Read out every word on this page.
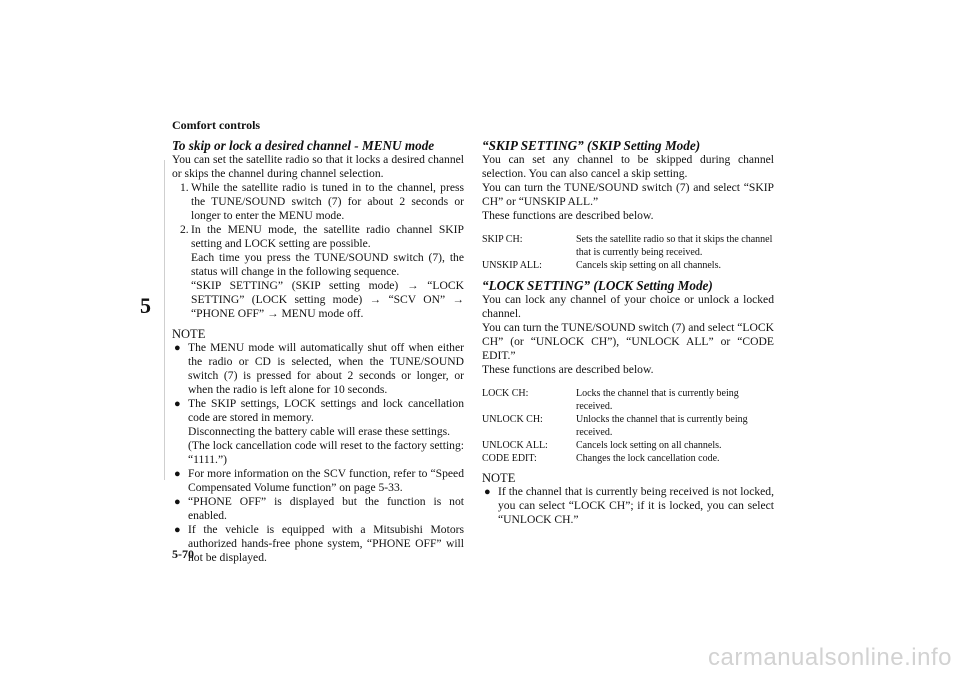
Comfort controls
5
To skip or lock a desired channel - MENU mode

You can set the satellite radio so that it locks a desired channel or skips the channel during channel selection.

1. While the satellite radio is tuned in to the channel, press the TUNE/SOUND switch (7) for about 2 seconds or longer to enter the MENU mode.
2. In the MENU mode, the satellite radio channel SKIP setting and LOCK setting are possible.
Each time you press the TUNE/SOUND switch (7), the status will change in the following sequence.
“SKIP SETTING” (SKIP setting mode) → “LOCK SETTING” (LOCK setting mode) → “SCV ON” → “PHONE OFF” → MENU mode off.
NOTE
● The MENU mode will automatically shut off when either the radio or CD is selected, when the TUNE/SOUND switch (7) is pressed for about 2 seconds or longer, or when the radio is left alone for 10 seconds.
● The SKIP settings, LOCK settings and lock cancellation code are stored in memory.
Disconnecting the battery cable will erase these settings.
(The lock cancellation code will reset to the factory setting: “1111.”)
● For more information on the SCV function, refer to “Speed Compensated Volume function” on page 5-33.
● “PHONE OFF” is displayed but the function is not enabled.
● If the vehicle is equipped with a Mitsubishi Motors authorized hands-free phone system, “PHONE OFF” will not be displayed.
“SKIP SETTING” (SKIP Setting Mode)

You can set any channel to be skipped during channel selection. You can also cancel a skip setting.

You can turn the TUNE/SOUND switch (7) and select “SKIP CH” or “UNSKIP ALL.”

These functions are described below.

SKIP CH:	Sets the satellite radio so that it skips the channel that is currently being received.
UNSKIP ALL:	Cancels skip setting on all channels.
“LOCK SETTING” (LOCK Setting Mode)

You can lock any channel of your choice or unlock a locked channel.

You can turn the TUNE/SOUND switch (7) and select “LOCK CH” (or “UNLOCK CH”), “UNLOCK ALL” or “CODE EDIT.”

These functions are described below.

LOCK CH:	Locks the channel that is currently being received.
UNLOCK CH:	Unlocks the channel that is currently being received.
UNLOCK ALL:	Cancels lock setting on all channels.
CODE EDIT:	Changes the lock cancellation code.
NOTE
● If the channel that is currently being received is not locked, you can select “LOCK CH”; if it is locked, you can select “UNLOCK CH.”
5-70
carmanualsonline.info
